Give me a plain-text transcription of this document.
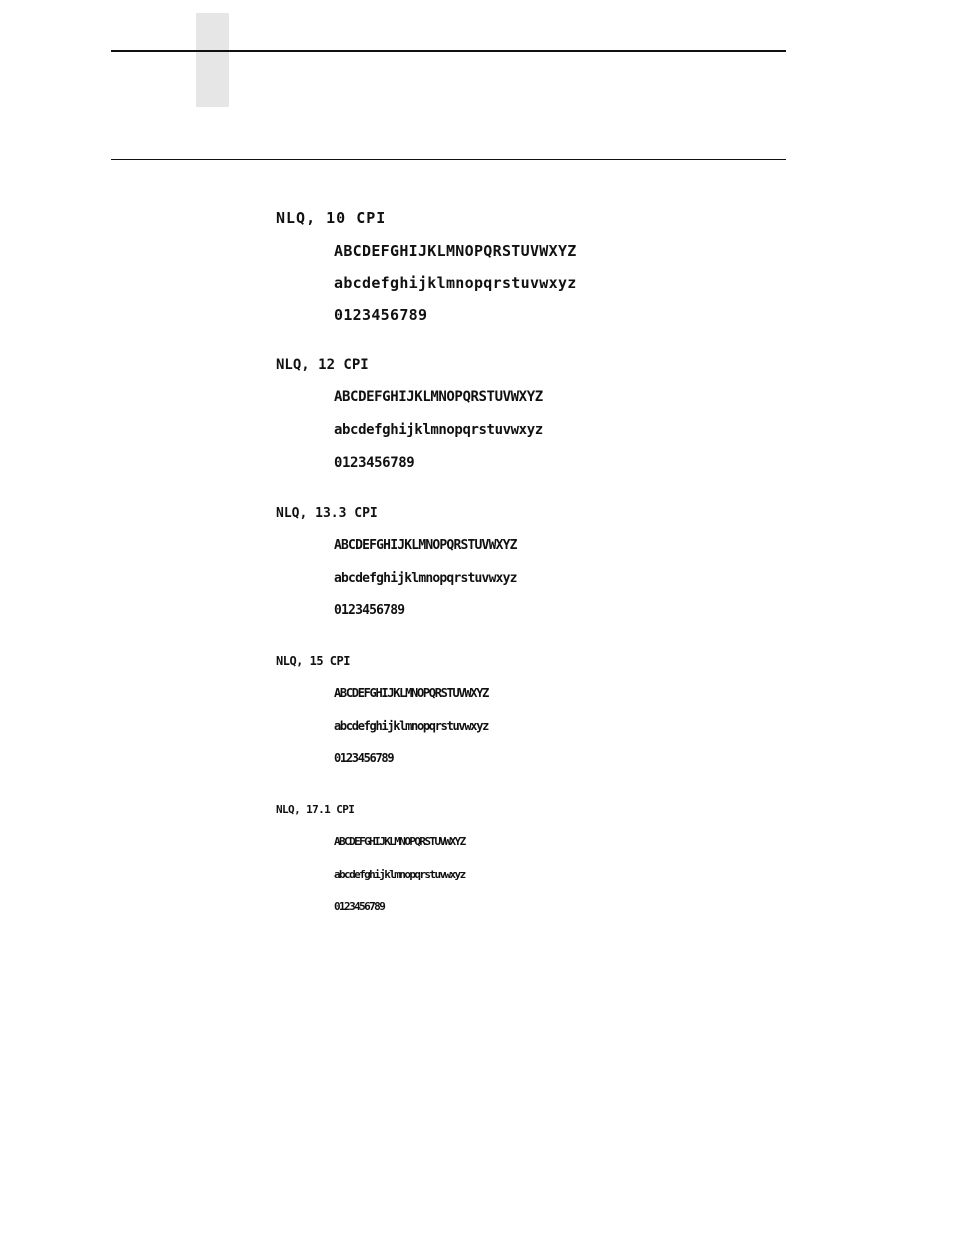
NLQ, 10 CPI
ABCDEFGHIJKLMNOPQRSTUVWXYZ
abcdefghijklmnopqrstuvwxyz
0123456789
NLQ, 12 CPI
ABCDEFGHIJKLMNOPQRSTUVWXYZ
abcdefghijklmnopqrstuvwxyz
0123456789
NLQ, 13.3 CPI
ABCDEFGHIJKLMNOPQRSTUVWXYZ
abcdefghijklmnopqrstuvwxyz
0123456789
NLQ, 15 CPI
ABCDEFGHIJKLMNOPQRSTUVWXYZ
abcdefghijklmnopqrstuvwxyz
0123456789
NLQ, 17.1 CPI
ABCDEFGHIJKLMNOPQRSTUVWXYZ
abcdefghijklmnopqrstuvwxyz
0123456789
